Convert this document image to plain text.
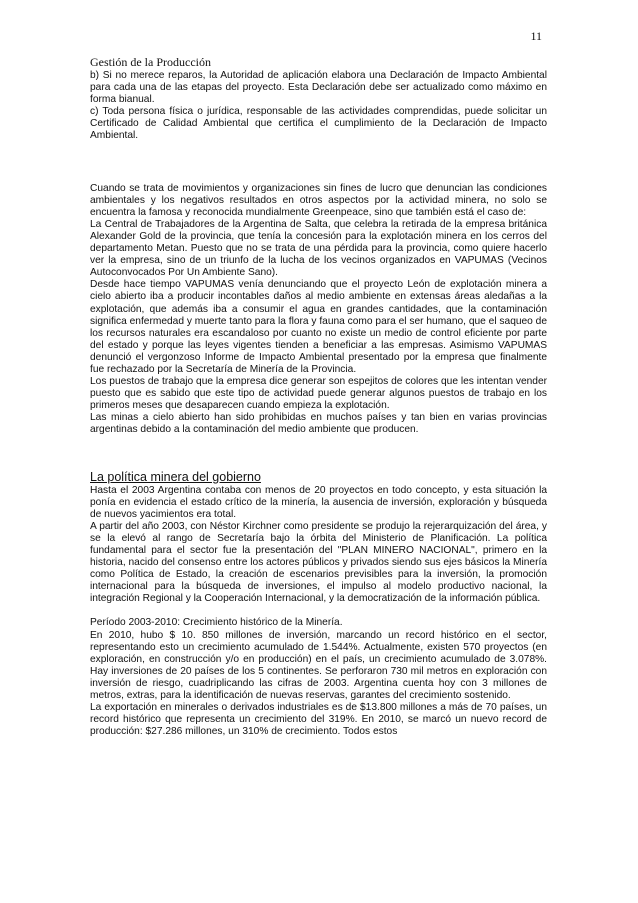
11
Gestión de la Producción

b) Si no merece reparos, la Autoridad de aplicación elabora una Declaración de Impacto Ambiental para cada una de las etapas del proyecto. Esta Declaración debe ser actualizado como máximo en forma bianual.

c) Toda persona física o jurídica, responsable de las actividades comprendidas, puede solicitar un Certificado de Calidad Ambiental que certifica el cumplimiento de la Declaración de Impacto Ambiental.

Cuando se trata de movimientos y organizaciones sin fines de lucro que denuncian las condiciones ambientales y los negativos resultados en otros aspectos por la actividad minera, no solo se encuentra la famosa y reconocida mundialmente Greenpeace, sino que también está el caso de:

La Central de Trabajadores de la Argentina de Salta, que celebra la retirada de la empresa británica Alexander Gold de la provincia, que tenía la concesión para la explotación minera en los cerros del departamento Metan. Puesto que no se trata de una pérdida para la provincia, como quiere hacerlo ver la empresa, sino de un triunfo de la lucha de los vecinos organizados en VAPUMAS (Vecinos Autoconvocados Por Un Ambiente Sano).

Desde hace tiempo VAPUMAS venía denunciando que el proyecto León de explotación minera a cielo abierto iba a producir incontables daños al medio ambiente en extensas áreas aledañas a la explotación, que además iba a consumir el agua en grandes cantidades, que la contaminación significa enfermedad y muerte tanto para la flora y fauna como para el ser humano, que el saqueo de los recursos naturales era escandaloso por cuanto no existe un medio de control eficiente por parte del estado y porque las leyes vigentes tienden a beneficiar a las empresas. Asimismo VAPUMAS denunció el vergonzoso Informe de Impacto Ambiental presentado por la empresa que finalmente fue rechazado por la Secretaría de Minería de la Provincia.

Los puestos de trabajo que la empresa dice generar son espejitos de colores que les intentan vender puesto que es sabido que este tipo de actividad puede generar algunos puestos de trabajo en los primeros meses que desaparecen cuando empieza la explotación.

Las minas a cielo abierto han sido prohibidas en muchos países y tan bien en varias provincias argentinas debido a la contaminación del medio ambiente que producen.

La política minera del gobierno

Hasta el 2003 Argentina contaba con menos de 20 proyectos en todo concepto, y esta situación la ponía en evidencia el estado crítico de la minería, la ausencia de inversión, exploración y búsqueda de nuevos yacimientos era total.

A partir del año 2003, con Néstor Kirchner como presidente se produjo la rejerarquización del área, y se la elevó al rango de Secretaría bajo la órbita del Ministerio de Planificación. La política fundamental para el sector fue la presentación del "PLAN MINERO NACIONAL", primero en la historia, nacido del consenso entre los actores públicos y privados siendo sus ejes básicos la Minería como Política de Estado, la creación de escenarios previsibles para la inversión, la promoción internacional para la búsqueda de inversiones, el impulso al modelo productivo nacional, la integración Regional y la Cooperación Internacional, y la democratización de la información pública.

Período 2003-2010: Crecimiento histórico de la Minería.

En 2010, hubo $ 10. 850 millones de inversión, marcando un record histórico en el sector, representando esto un crecimiento acumulado de 1.544%. Actualmente, existen 570 proyectos (en exploración, en construcción y/o en producción) en el país, un crecimiento acumulado de 3.078%. Hay inversiones de 20 países de los 5 continentes. Se perforaron 730 mil metros en exploración con inversión de riesgo, cuadriplicando las cifras de 2003. Argentina cuenta hoy con 3 millones de metros, extras, para la identificación de nuevas reservas, garantes del crecimiento sostenido.

La exportación en minerales o derivados industriales es de $13.800 millones a más de 70 países, un record histórico que representa un crecimiento del 319%. En 2010, se marcó un nuevo record de producción: $27.286 millones, un 310% de crecimiento. Todos estos
